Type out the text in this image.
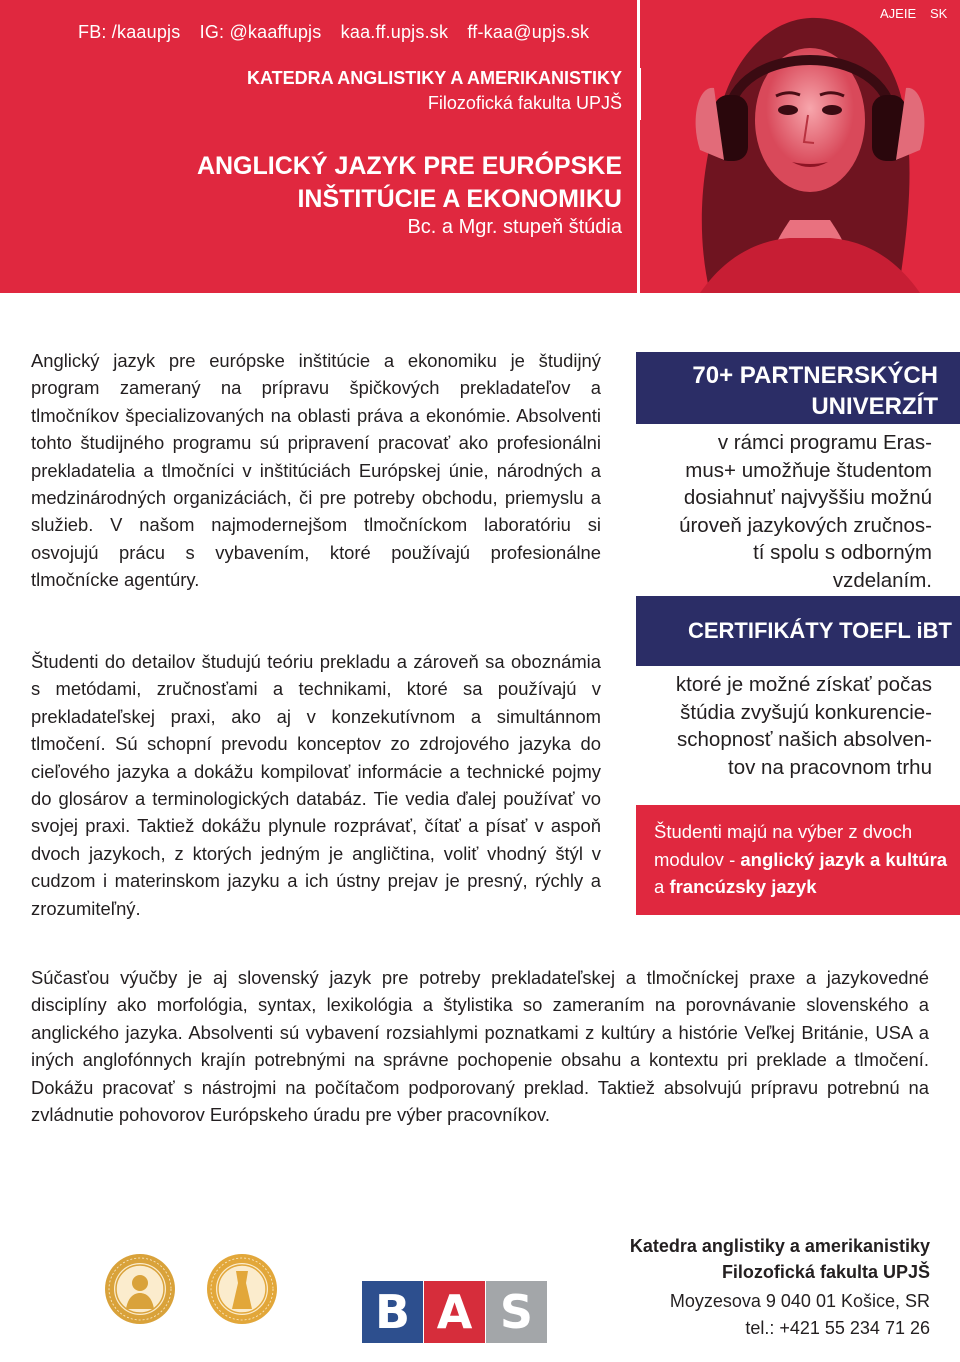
FB: /kaaupjs IG: @kaaffupjs kaa.ff.upjs.sk ff-kaa@upjs.sk
KATEDRA ANGLISTIKY A AMERIKANISTIKY
Filozofická fakulta UPJŠ
ANGLICKÝ JAZYK PRE EURÓPSKE
INŠTITÚCIE A EKONOMIKU
Bc. a Mgr. stupeň štúdia
AJEIE SK
Anglický jazyk pre európske inštitúcie a ekonomiku je študijný program zameraný na prípravu špičkových prekladateľov a tlmočníkov špecializovaných na oblasti práva a ekonómie. Absolventi tohto študijného programu sú pripravení pracovať ako profesionálni prekladatelia a tlmočníci v inštitúciách Európskej únie, národných a medzinárodných organizáciách, či pre potreby obchodu, priemyslu a služieb. V našom najmodernejšom tlmočníckom laboratóriu si osvojujú prácu s vybavením, ktoré používajú profesionálne tlmočnícke agentúry.
Študenti do detailov študujú teóriu prekladu a zároveň sa oboznámia s metódami, zručnosťami a technikami, ktoré sa používajú v prekladateľskej praxi, ako aj v konzekutívnom a simultánnom tlmočení. Sú schopní prevodu konceptov zo zdrojového jazyka do cieľového jazyka a dokážu kompilovať informácie a technické pojmy do glosárov a terminologických databáz. Tie vedia ďalej používať vo svojej praxi. Taktiež dokážu plynule rozprávať, čítať a písať v aspoň dvoch jazykoch, z ktorých jedným je angličtina, voliť vhodný štýl v cudzom i materinskom jazyku a ich ústny prejav je presný, rýchly a zrozumiteľný.
Súčasťou výučby je aj slovenský jazyk pre potreby prekladateľskej a tlmočníckej praxe a jazykovedné disciplíny ako morfológia, syntax, lexikológia a štylistika so zameraním na porovnávanie slovenského a anglického jazyka. Absolventi sú vybavení rozsiahlymi poznatkami z kultúry a histórie Veľkej Británie, USA a iných anglofónnych krajín potrebnými na správne pochopenie obsahu a kontextu pri preklade a tlmočení. Dokážu pracovať s nástrojmi na počítačom podporovaný preklad. Taktiež absolvujú prípravu potrebnú na zvládnutie pohovorov Európskeho úradu pre výber pracovníkov.
70+ PARTNERSKÝCH
UNIVERZÍT
v rámci programu Eras-
mus+ umožňuje študentom
dosiahnuť najvyššiu možnú
úroveň jazykových zručnos-
tí spolu s odborným
vzdelaním.
CERTIFIKÁTY TOEFL iBT
ktoré je možné získať počas
štúdia zvyšujú konkurencie-
schopnosť našich absolven-
tov na pracovnom trhu
Študenti majú na výber z dvoch modulov - anglický jazyk a kultúra a francúzsky jazyk
B A S
Katedra anglistiky a amerikanistiky
Filozofická fakulta UPJŠ
Moyzesova 9 040 01 Košice, SR
tel.: +421 55 234 71 26
